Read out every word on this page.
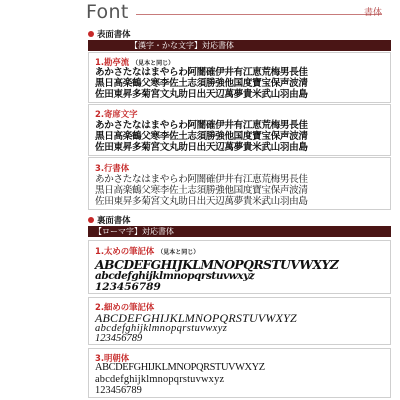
Font	書体
表面書体
【漢字・かな文字】対応書体
1.勘亭流 （見本と同じ）
あかさたなはまやらわ阿闇確伊井有江恵荒梅男長佳
黒日高楽鶴父寒李佐土志須勝強他国度寶宝保声波清
佐田東昇多菊宮文丸助日出天辺萬夢貴米武山羽由島
2.寄席文字
あかさたなはまやらわ阿闇確伊井有江恵荒梅男長佳
黒日高楽鶴父寒李佐土志須勝強他国度寶宝保声波清
佐田東昇多菊宮文丸助日出天辺萬夢貴米武山羽由島
3.行書体
あかさたなはまやらわ阿闇確伊井有江恵荒梅男長佳
黒日高楽鶴父寒李佐土志須勝強他国度寶宝保声波清
佐田東昇多菊宮文丸助日出天辺萬夢貴米武山羽由島
裏面書体
【ローマ字】対応書体
1.太めの筆記体 （見本と同じ）
ABCDEFGHIJKLMNOPQRSTUVWXYZ
abcdefghijklmnopqrstuvwxyz
123456789
2.細めの筆記体
ABCDEFGHIJKLMNOPQRSTUVWXYZ
abcdefghijklmnopqrstuvwxyz
123456789
3.明朝体
ABCDEFGHIJKLMNOPQRSTUVWXYZ
abcdefghijklmnopqrstuvwxyz
123456789
